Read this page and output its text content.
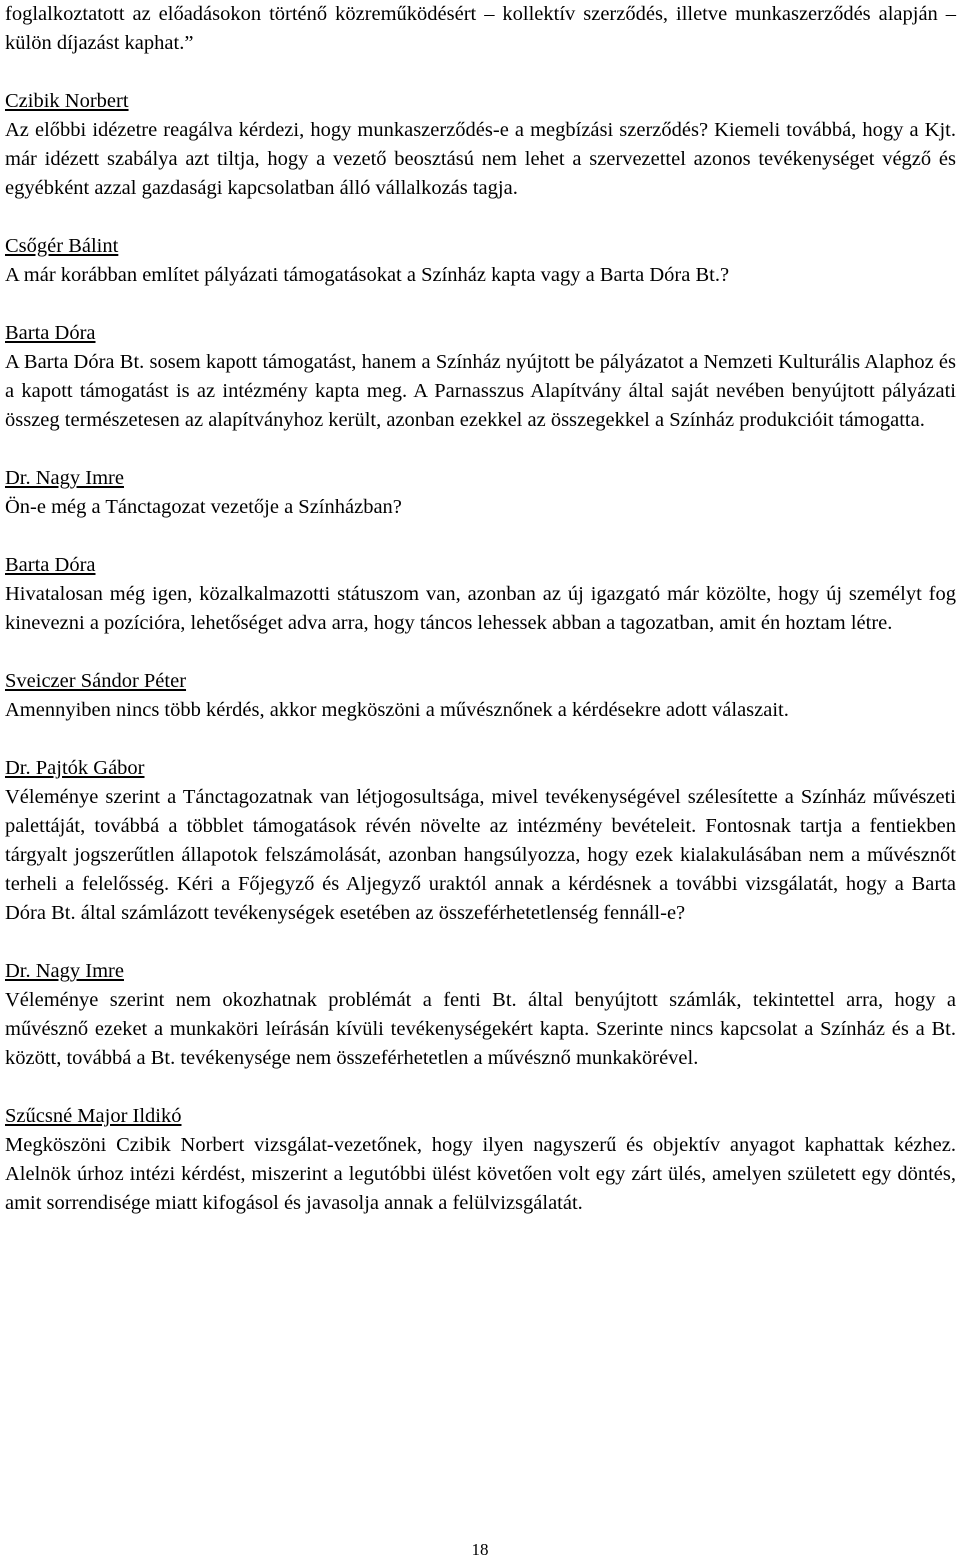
foglalkoztatott az előadásokon történő közreműködésért – kollektív szerződés, illetve munkaszerződés alapján – külön díjazást kaphat.”

Czibik Norbert

Az előbbi idézetre reagálva kérdezi, hogy munkaszerződés-e a megbízási szerződés? Kiemeli továbbá, hogy a Kjt. már idézett szabálya azt tiltja, hogy a vezető beosztású nem lehet a szervezettel azonos tevékenységet végző és egyébként azzal gazdasági kapcsolatban álló vállalkozás tagja.

Csőgér Bálint

A már korábban említet pályázati támogatásokat a Színház kapta vagy a Barta Dóra Bt.?

Barta Dóra

A Barta Dóra Bt. sosem kapott támogatást, hanem a Színház nyújtott be pályázatot a Nemzeti Kulturális Alaphoz és a kapott támogatást is az intézmény kapta meg. A Parnasszus Alapítvány által saját nevében benyújtott pályázati összeg természetesen az alapítványhoz került, azonban ezekkel az összegekkel a Színház produkcióit támogatta.

Dr. Nagy Imre

Ön-e még a Tánctagozat vezetője a Színházban?

Barta Dóra

Hivatalosan még igen, közalkalmazotti státuszom van, azonban az új igazgató már közölte, hogy új személyt fog kinevezni a pozícióra, lehetőséget adva arra, hogy táncos lehessek abban a tagozatban, amit én hoztam létre.

Sveiczer Sándor Péter

Amennyiben nincs több kérdés, akkor megköszöni a művésznőnek a kérdésekre adott válaszait.

Dr. Pajtók Gábor

Véleménye szerint a Tánctagozatnak van létjogosultsága, mivel tevékenységével szélesítette a Színház művészeti palettáját, továbbá a többlet támogatások révén növelte az intézmény bevételeit. Fontosnak tartja a fentiekben tárgyalt jogszerűtlen állapotok felszámolását, azonban hangsúlyozza, hogy ezek kialakulásában nem a művésznőt terheli a felelősség. Kéri a Főjegyző és Aljegyző uraktól annak a kérdésnek a további vizsgálatát, hogy a Barta Dóra Bt. által számlázott tevékenységek esetében az összeférhetetlenség fennáll-e?

Dr. Nagy Imre

Véleménye szerint nem okozhatnak problémát a fenti Bt. által benyújtott számlák, tekintettel arra, hogy a művésznő ezeket a munkaköri leírásán kívüli tevékenységekért kapta. Szerinte nincs kapcsolat a Színház és a Bt. között, továbbá a Bt. tevékenysége nem összeférhetetlen a művésznő munkakörével.

Szűcsné Major Ildikó

Megköszöni Czibik Norbert vizsgálat-vezetőnek, hogy ilyen nagyszerű és objektív anyagot kaphattak kézhez. Alelnök úrhoz intézi kérdést, miszerint a legutóbbi ülést követően volt egy zárt ülés, amelyen született egy döntés, amit sorrendisége miatt kifogásol és javasolja annak a felülvizsgálatát.

18
